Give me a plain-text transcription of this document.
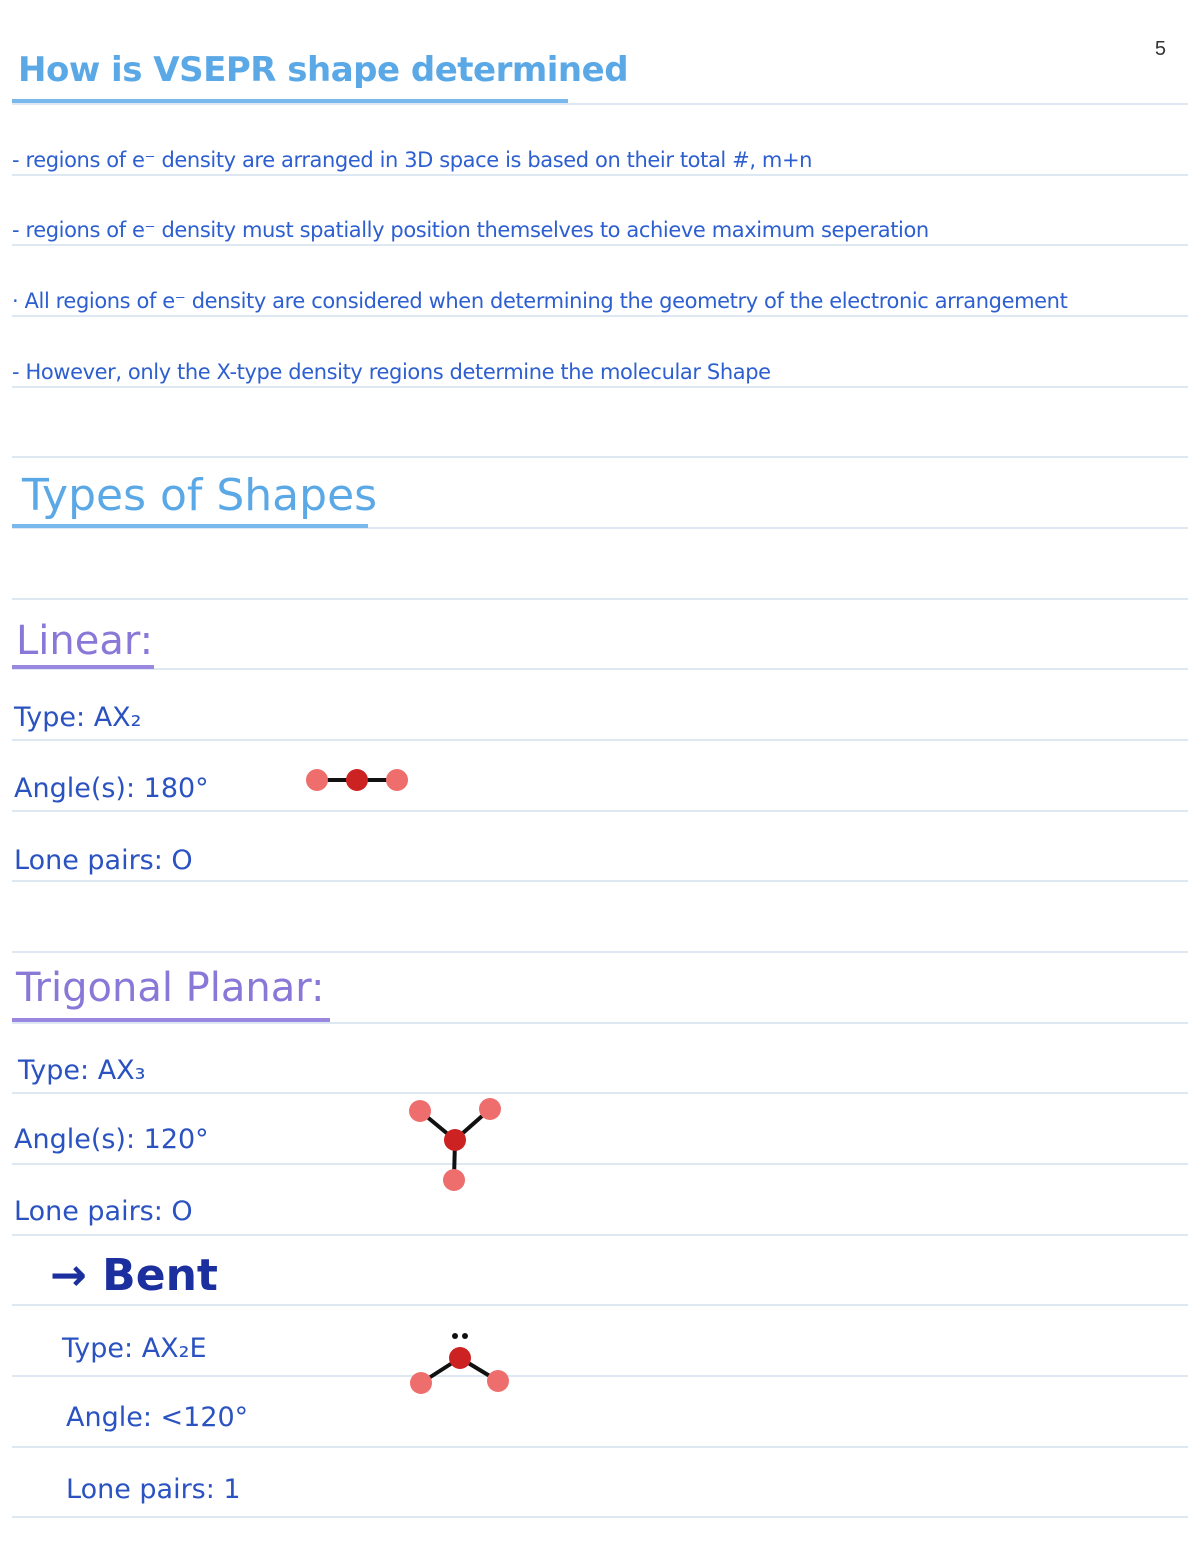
5
How is VSEPR shape determined
- regions of e⁻ density are arranged in 3D space is based on their total #, m+n
- regions of e⁻ density must spatially position themselves to achieve maximum seperation
· All regions of e⁻ density are considered when determining the geometry of the electronic arrangement
- However, only the X-type density regions determine the molecular Shape
Types of Shapes
Linear:
Type: AX₂
Angle(s): 180°
Lone pairs: O
Trigonal Planar:
Type: AX₃
Angle(s): 120°
Lone pairs: O
→ Bent
Type: AX₂E
Angle: <120°
Lone pairs: 1
